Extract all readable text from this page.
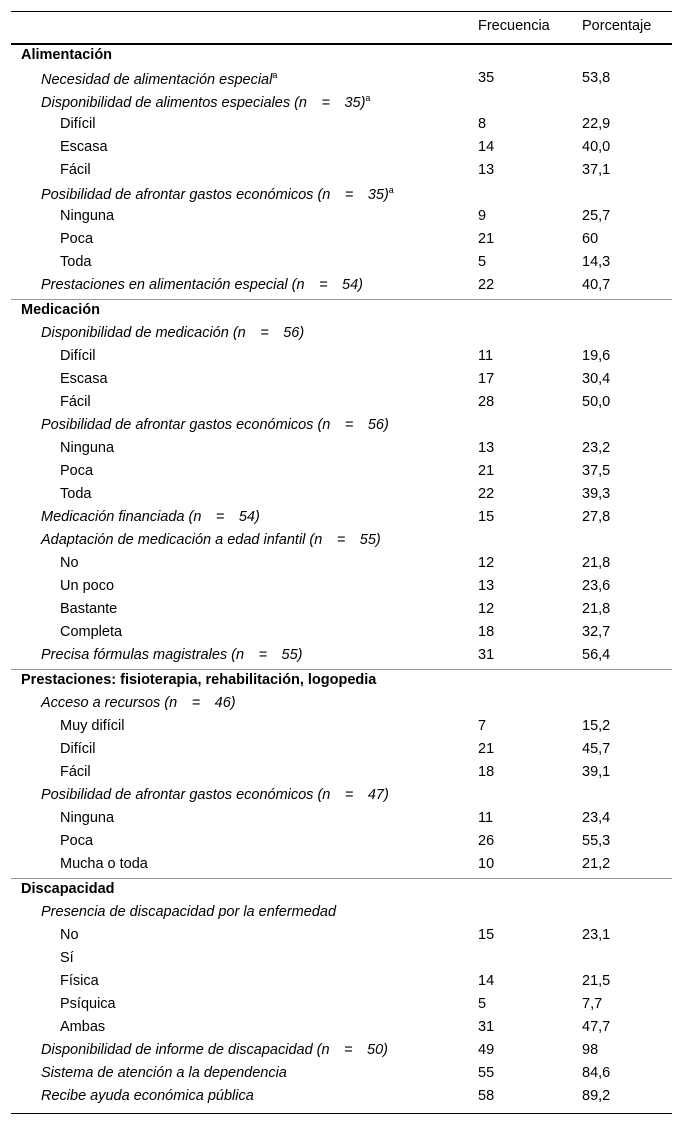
Frecuencia Porcentaje
Alimentación
Necesidad de alimentación especial$^a$	35	53,8
Disponibilidad de alimentos especiales (n  =  35)$^a$
Difícil	8	22,9
Escasa	14	40,0
Fácil	13	37,1
Posibilidad de afrontar gastos económicos (n  =  35)$^a$
Ninguna	9	25,7
Poca	21	60
Toda	5	14,3
Prestaciones en alimentación especial (n  =  54)	22	40,7
Medicación
Disponibilidad de medicación (n  =  56)
Difícil	11	19,6
Escasa	17	30,4
Fácil	28	50,0
Posibilidad de afrontar gastos económicos (n  =  56)
Ninguna	13	23,2
Poca	21	37,5
Toda	22	39,3
Medicación financiada (n  =  54)	15	27,8
Adaptación de medicación a edad infantil (n  =  55)
No	12	21,8
Un poco	13	23,6
Bastante	12	21,8
Completa	18	32,7
Precisa fórmulas magistrales (n  =  55)	31	56,4
Prestaciones: fisioterapia, rehabilitación, logopedia
Acceso a recursos (n  =  46)
Muy difícil	7	15,2
Difícil	21	45,7
Fácil	18	39,1
Posibilidad de afrontar gastos económicos (n  =  47)
Ninguna	11	23,4
Poca	26	55,3
Mucha o toda	10	21,2
Discapacidad
Presencia de discapacidad por la enfermedad
No	15	23,1
Sí
Física	14	21,5
Psíquica	5	7,7
Ambas	31	47,7
Disponibilidad de informe de discapacidad (n  =  50)	49	98
Sistema de atención a la dependencia	55	84,6
Recibe ayuda económica pública	58	89,2
